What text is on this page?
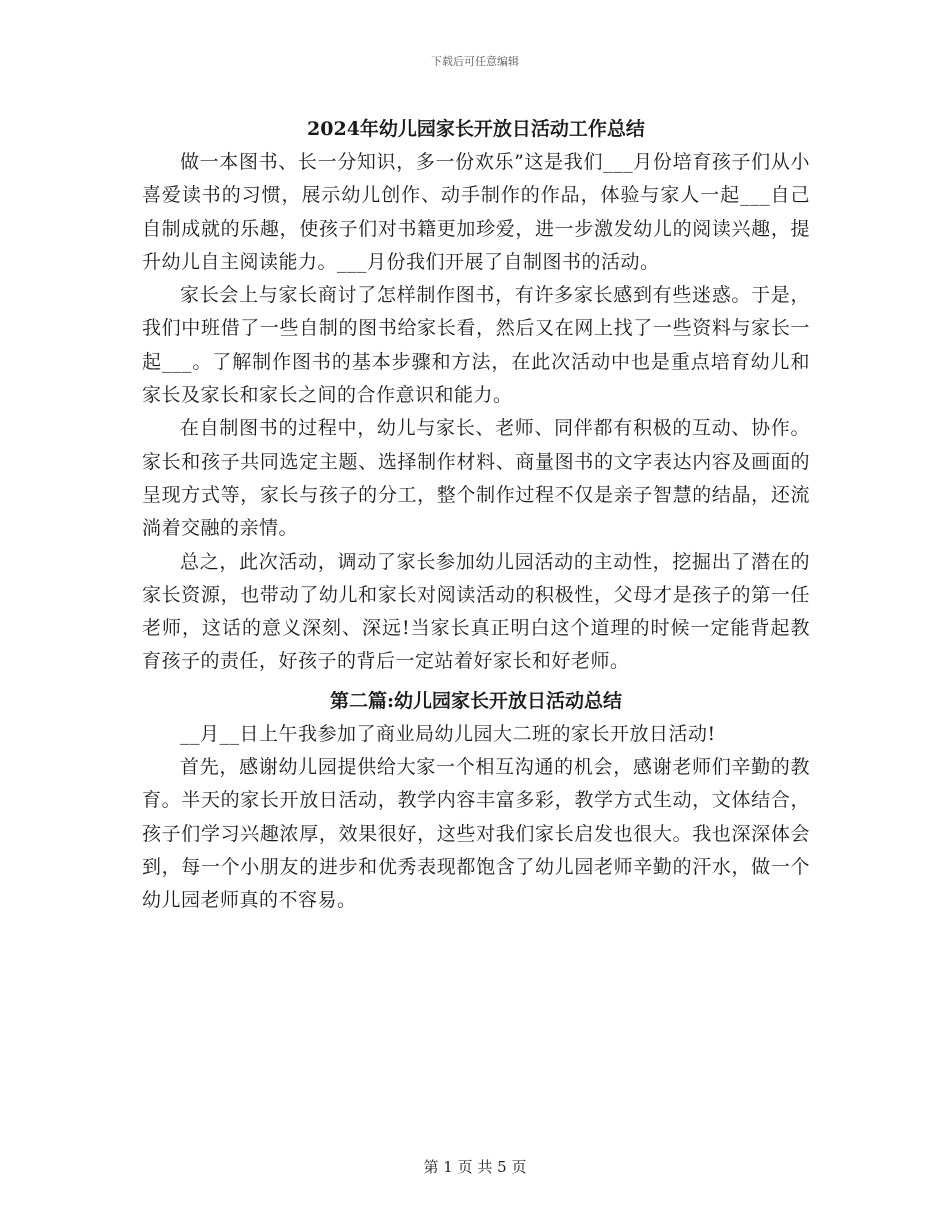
下载后可任意编辑
2024年幼儿园家长开放日活动工作总结

做一本图书、长一分知识，多一份欢乐”这是我们___月份培育孩子们从小喜爱读书的习惯，展示幼儿创作、动手制作的作品，体验与家人一起___自己自制成就的乐趣，使孩子们对书籍更加珍爱，进一步激发幼儿的阅读兴趣，提升幼儿自主阅读能力。___月份我们开展了自制图书的活动。

家长会上与家长商讨了怎样制作图书，有许多家长感到有些迷惑。于是，我们中班借了一些自制的图书给家长看，然后又在网上找了一些资料与家长一起___。了解制作图书的基本步骤和方法，在此次活动中也是重点培育幼儿和家长及家长和家长之间的合作意识和能力。

在自制图书的过程中，幼儿与家长、老师、同伴都有积极的互动、协作。家长和孩子共同选定主题、选择制作材料、商量图书的文字表达内容及画面的呈现方式等，家长与孩子的分工，整个制作过程不仅是亲子智慧的结晶，还流淌着交融的亲情。

总之，此次活动，调动了家长参加幼儿园活动的主动性，挖掘出了潜在的家长资源，也带动了幼儿和家长对阅读活动的积极性，父母才是孩子的第一任老师，这话的意义深刻、深远!当家长真正明白这个道理的时候一定能背起教育孩子的责任，好孩子的背后一定站着好家长和好老师。

第二篇:幼儿园家长开放日活动总结

__月__日上午我参加了商业局幼儿园大二班的家长开放日活动!

首先，感谢幼儿园提供给大家一个相互沟通的机会，感谢老师们辛勤的教育。半天的家长开放日活动，教学内容丰富多彩，教学方式生动，文体结合，孩子们学习兴趣浓厚，效果很好，这些对我们家长启发也很大。我也深深体会到，每一个小朋友的进步和优秀表现都饱含了幼儿园老师辛勤的汗水，做一个幼儿园老师真的不容易。

第 1 页 共 5 页
